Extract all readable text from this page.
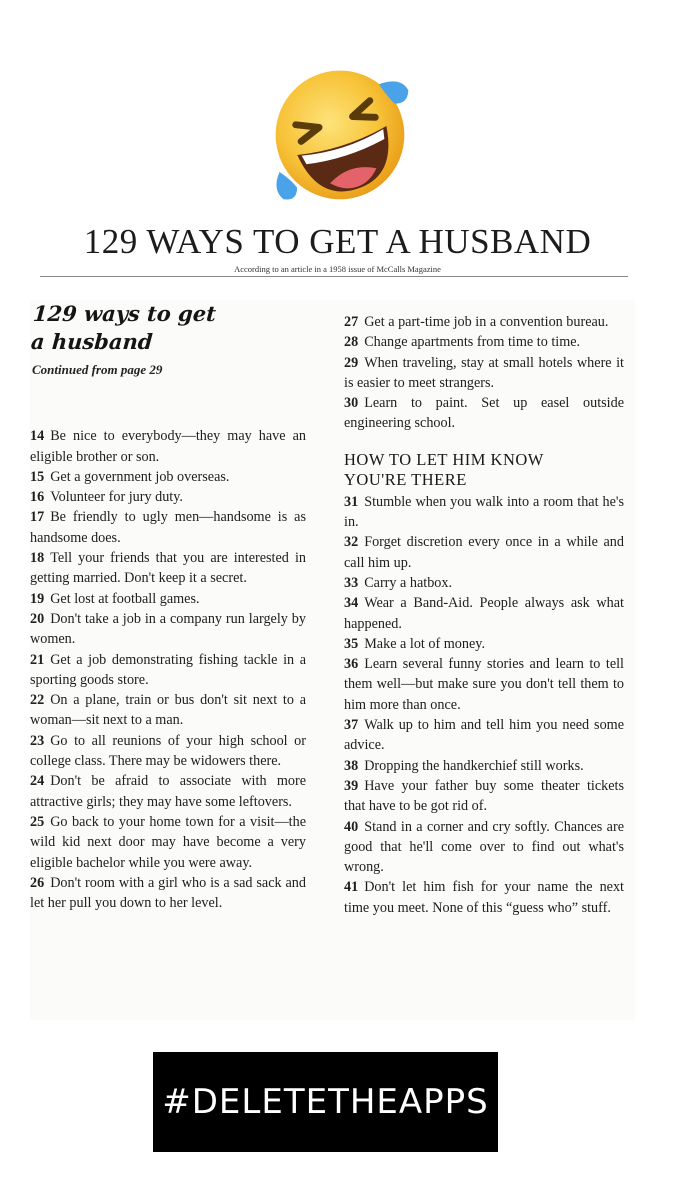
129 WAYS TO GET A HUSBAND
According to an article in a 1958 issue of McCalls Magazine
129 ways to get
a husband
Continued from page 29

14 Be nice to everybody—they may have an eligible brother or son.

15 Get a government job overseas.

16 Volunteer for jury duty.

17 Be friendly to ugly men—handsome is as handsome does.

18 Tell your friends that you are interested in getting married. Don't keep it a secret.

19 Get lost at football games.

20 Don't take a job in a company run largely by women.

21 Get a job demonstrating fishing tackle in a sporting goods store.

22 On a plane, train or bus don't sit next to a woman—sit next to a man.

23 Go to all reunions of your high school or college class. There may be widowers there.

24 Don't be afraid to associate with more attractive girls; they may have some leftovers.

25 Go back to your home town for a visit—the wild kid next door may have become a very eligible bachelor while you were away.

26 Don't room with a girl who is a sad sack and let her pull you down to her level.

27 Get a part-time job in a convention bureau.

28 Change apartments from time to time.

29 When traveling, stay at small hotels where it is easier to meet strangers.

30 Learn to paint. Set up easel outside engineering school.

HOW TO LET HIM KNOW
YOU'RE THERE

31 Stumble when you walk into a room that he's in.

32 Forget discretion every once in a while and call him up.

33 Carry a hatbox.

34 Wear a Band-Aid. People always ask what happened.

35 Make a lot of money.

36 Learn several funny stories and learn to tell them well—but make sure you don't tell them to him more than once.

37 Walk up to him and tell him you need some advice.

38 Dropping the handkerchief still works.

39 Have your father buy some theater tickets that have to be got rid of.

40 Stand in a corner and cry softly. Chances are good that he'll come over to find out what's wrong.

41 Don't let him fish for your name the next time you meet. None of this “guess who” stuff.

#DELETETHEAPPS
